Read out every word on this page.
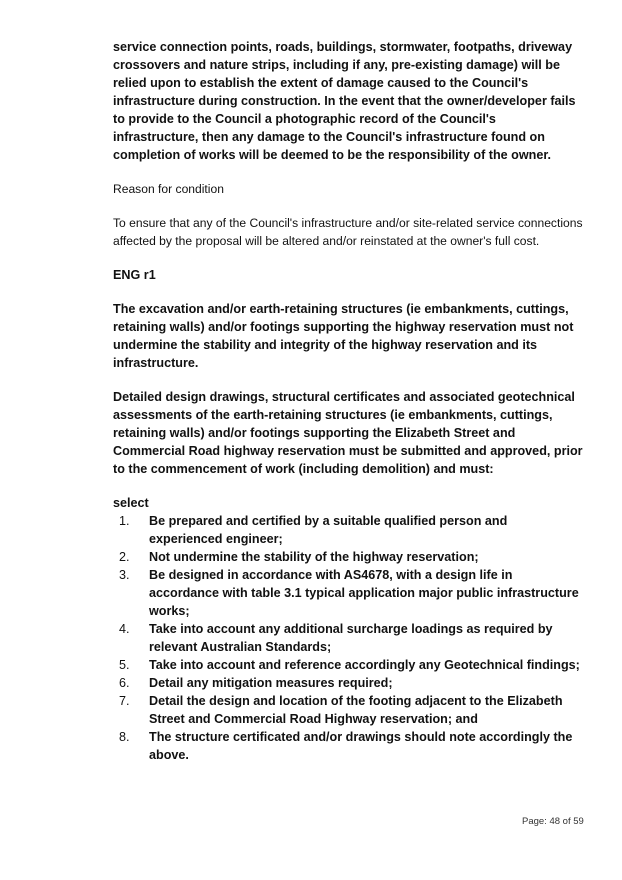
service connection points, roads, buildings, stormwater, footpaths, driveway crossovers and nature strips, including if any, pre-existing damage) will be relied upon to establish the extent of damage caused to the Council's infrastructure during construction. In the event that the owner/developer fails to provide to the Council a photographic record of the Council's infrastructure, then any damage to the Council's infrastructure found on completion of works will be deemed to be the responsibility of the owner.

Reason for condition

To ensure that any of the Council's infrastructure and/or site-related service connections affected by the proposal will be altered and/or reinstated at the owner's full cost.

ENG r1

The excavation and/or earth-retaining structures (ie embankments, cuttings, retaining walls) and/or footings supporting the highway reservation must not undermine the stability and integrity of the highway reservation and its infrastructure.

Detailed design drawings, structural certificates and associated geotechnical assessments of the earth-retaining structures (ie embankments, cuttings, retaining walls) and/or footings supporting the Elizabeth Street and Commercial Road highway reservation must be submitted and approved, prior to the commencement of work (including demolition) and must:

select

1. Be prepared and certified by a suitable qualified person and experienced engineer;
2. Not undermine the stability of the highway reservation;
3. Be designed in accordance with AS4678, with a design life in accordance with table 3.1 typical application major public infrastructure works;
4. Take into account any additional surcharge loadings as required by relevant Australian Standards;
5. Take into account and reference accordingly any Geotechnical findings;
6. Detail any mitigation measures required;
7. Detail the design and location of the footing adjacent to the Elizabeth Street and Commercial Road Highway reservation; and
8. The structure certificated and/or drawings should note accordingly the above.
Page: 48 of 59
